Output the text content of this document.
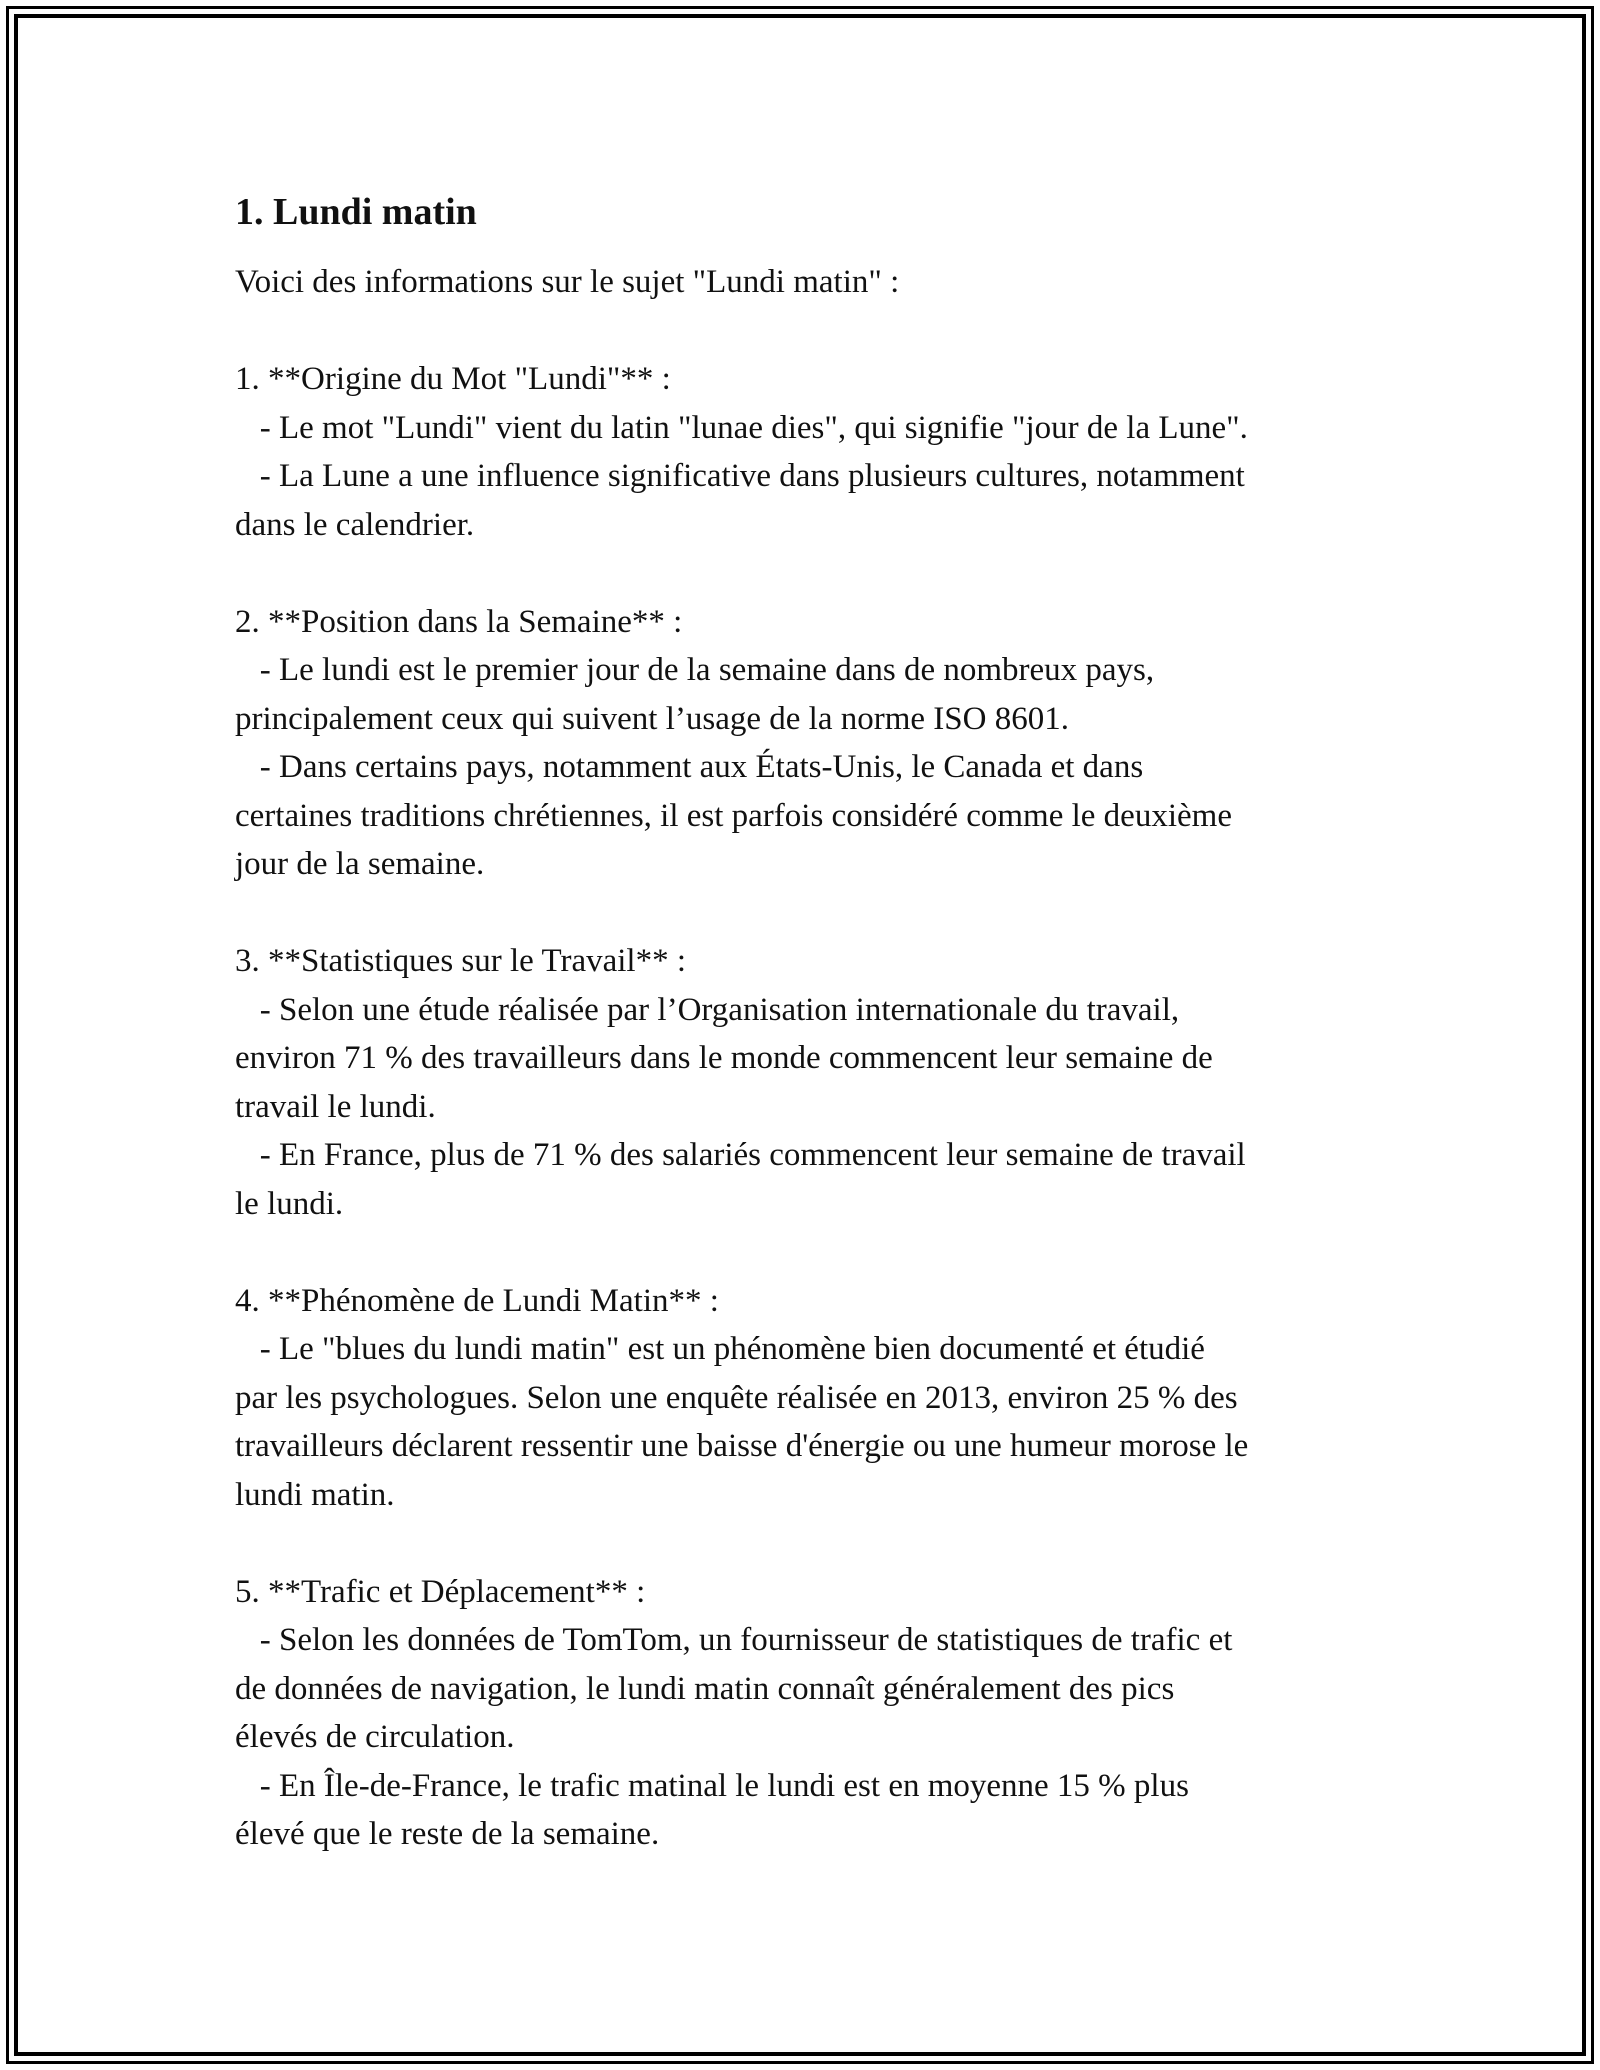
1. Lundi matin
Voici des informations sur le sujet "Lundi matin" :
1. **Origine du Mot "Lundi"** :
- Le mot "Lundi" vient du latin "lunae dies", qui signifie "jour de la Lune".
- La Lune a une influence significative dans plusieurs cultures, notamment
dans le calendrier.
2. **Position dans la Semaine** :
- Le lundi est le premier jour de la semaine dans de nombreux pays,
principalement ceux qui suivent l’usage de la norme ISO 8601.
- Dans certains pays, notamment aux États-Unis, le Canada et dans
certaines traditions chrétiennes, il est parfois considéré comme le deuxième
jour de la semaine.
3. **Statistiques sur le Travail** :
- Selon une étude réalisée par l’Organisation internationale du travail,
environ 71 % des travailleurs dans le monde commencent leur semaine de
travail le lundi.
- En France, plus de 71 % des salariés commencent leur semaine de travail
le lundi.
4. **Phénomène de Lundi Matin** :
- Le "blues du lundi matin" est un phénomène bien documenté et étudié
par les psychologues. Selon une enquête réalisée en 2013, environ 25 % des
travailleurs déclarent ressentir une baisse d'énergie ou une humeur morose le
lundi matin.
5. **Trafic et Déplacement** :
- Selon les données de TomTom, un fournisseur de statistiques de trafic et
de données de navigation, le lundi matin connaît généralement des pics
élevés de circulation.
- En Île-de-France, le trafic matinal le lundi est en moyenne 15 % plus
élevé que le reste de la semaine.
